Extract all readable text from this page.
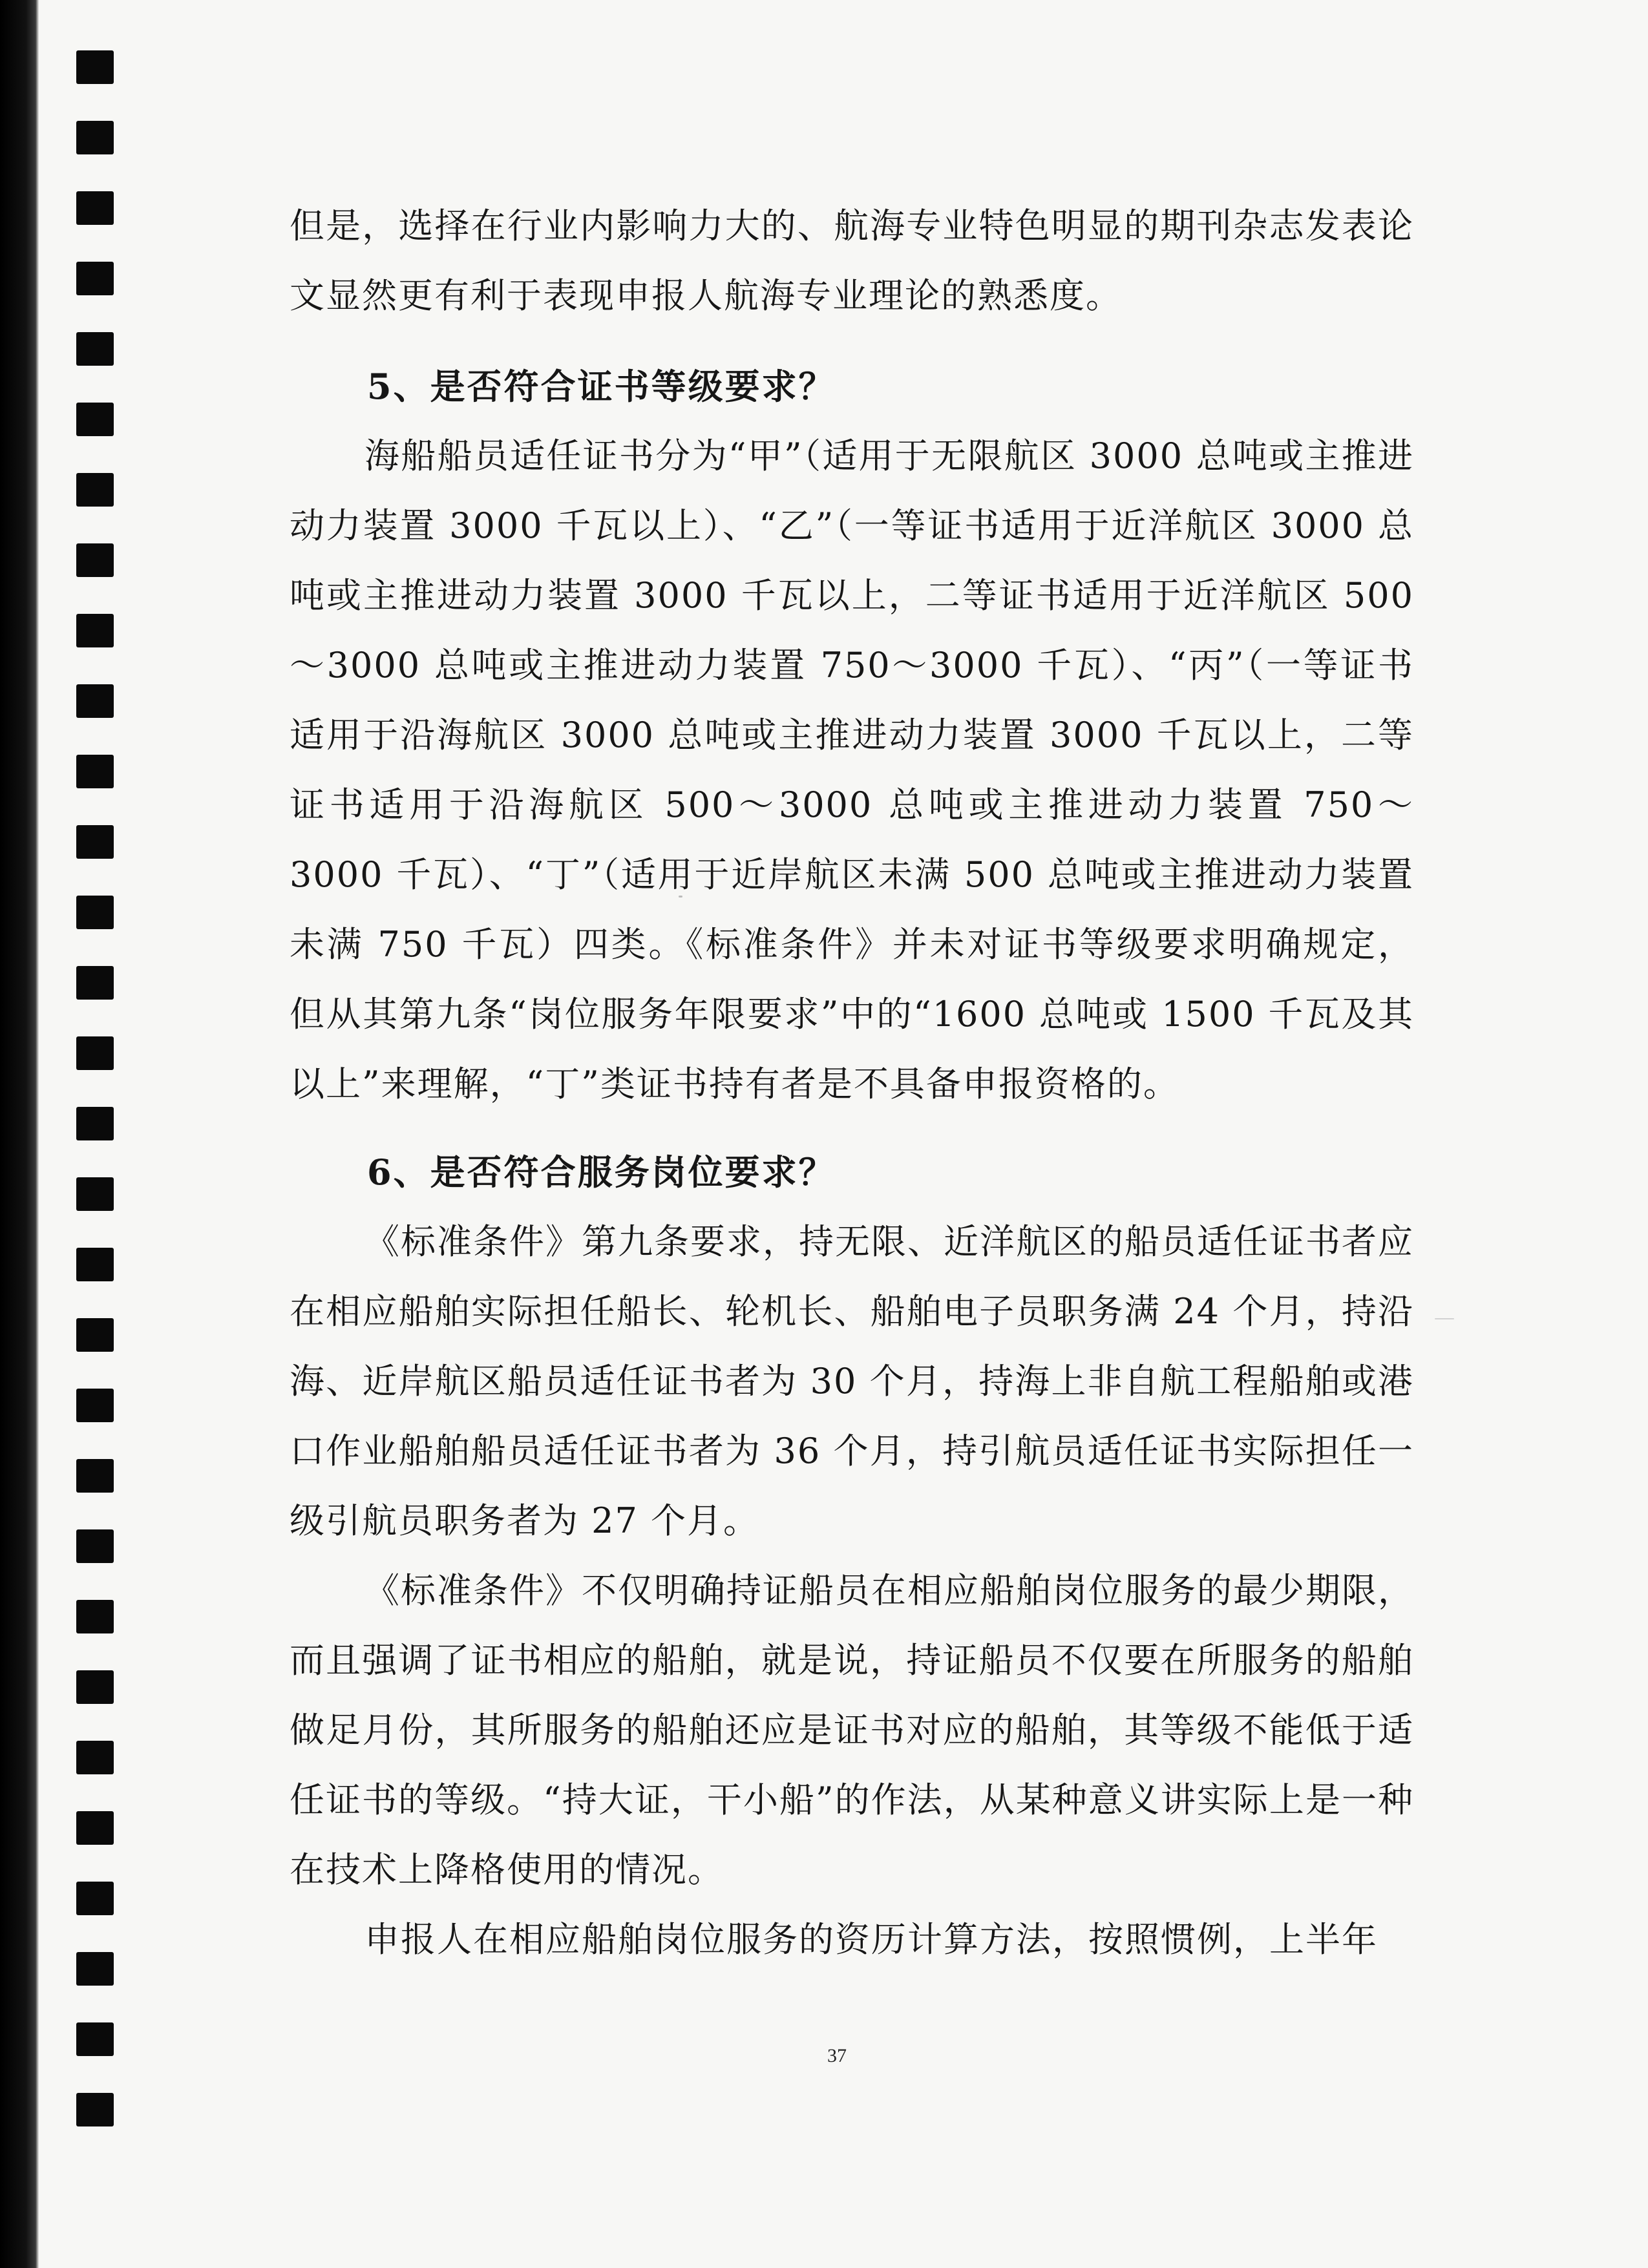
但是，选择在行业内影响力大的、航海专业特色明显的期刊杂志发表论文显然更有利于表现申报人航海专业理论的熟悉度。

5、是否符合证书等级要求？

海船船员适任证书分为“甲”（适用于无限航区 3000 总吨或主推进动力装置 3000 千瓦以上）、“乙”（一等证书适用于近洋航区 3000 总吨或主推进动力装置 3000 千瓦以上，二等证书适用于近洋航区 500～3000 总吨或主推进动力装置 750～3000 千瓦）、“丙”（一等证书适用于沿海航区 3000 总吨或主推进动力装置 3000 千瓦以上，二等证书适用于沿海航区 500～3000 总吨或主推进动力装置 750～3000 千瓦）、“丁”（适用于近岸航区未满 500 总吨或主推进动力装置未满 750 千瓦）四类。《标准条件》并未对证书等级要求明确规定，但从其第九条“岗位服务年限要求”中的“1600 总吨或 1500 千瓦及其以上”来理解，“丁”类证书持有者是不具备申报资格的。

6、是否符合服务岗位要求？

《标准条件》第九条要求，持无限、近洋航区的船员适任证书者应在相应船舶实际担任船长、轮机长、船舶电子员职务满 24 个月，持沿海、近岸航区船员适任证书者为 30 个月，持海上非自航工程船舶或港口作业船舶船员适任证书者为 36 个月，持引航员适任证书实际担任一级引航员职务者为 27 个月。

《标准条件》不仅明确持证船员在相应船舶岗位服务的最少期限，而且强调了证书相应的船舶，就是说，持证船员不仅要在所服务的船舶做足月份，其所服务的船舶还应是证书对应的船舶，其等级不能低于适任证书的等级。“持大证，干小船”的作法，从某种意义讲实际上是一种在技术上降格使用的情况。

申报人在相应船舶岗位服务的资历计算方法，按照惯例，上半年

37
